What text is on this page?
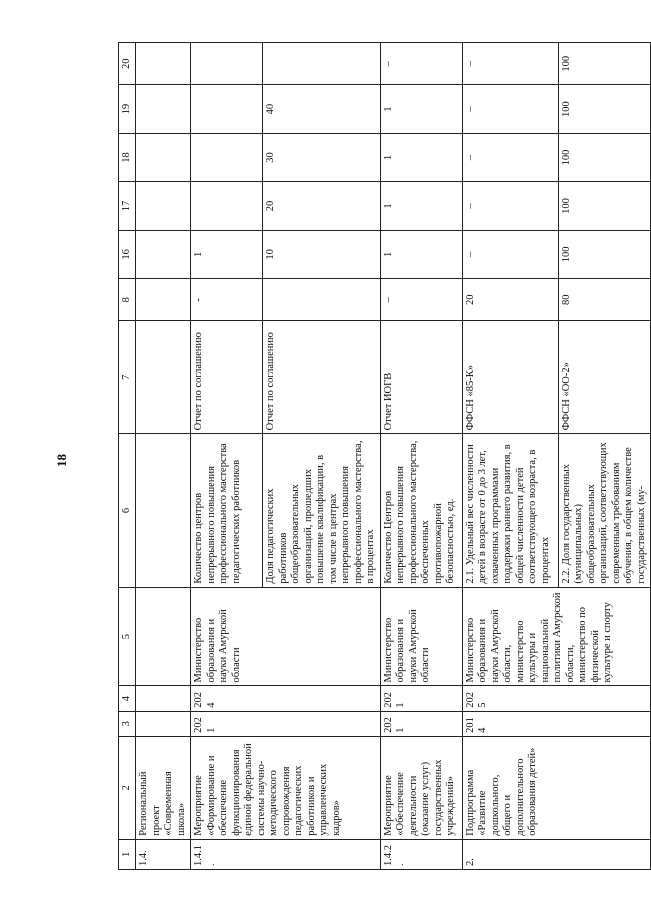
18
1	2	3	4	5	6	7	8	16	17	18	19	20
1.4.	Региональный проект «Современная школа»											
1.4.1.	Мероприятие «Формирование и обеспечение функционирования единой федеральной системы научно-методического сопровождения педагогических работников и управленческих кадров»	2021	2024	Министерство образования и науки Амурской области	Количество центров непрерывного повышения профессионального мастерства педагогических работников	Отчет по соглашению	-	1				
					Доля педагогических работников общеобразовательных организаций, прошедших повышение квалификации, в том числе в центрах непрерывного повышения профессионального мастерства, в процентах	Отчет по соглашению		10	20	30	40	
1.4.2.	Мероприятие «Обеспечение деятельности (оказание услуг) государственных учреждений»	2021	2021	Министерство образования и науки Амурской области	Количество Центров непрерывного повышения профессионального мастерства, обеспеченных противопожарной безопасностью, ед.	Отчет ИОГВ	–	1	1	1	1	–
2.	Подпрограмма «Развитие дошкольного, общего и дополнительного образования детей»	2014	2025	Министерство образования и науки Амурской области, министерство культуры и национальной политики Амурской области, министерство по физической культуре и спорту	2.1. Удельный вес численности детей в возрасте от 0 до 3 лет, охваченных программами поддержки раннего развития, в общей численности детей соответствующего возраста, в процентах	ФФСН «85-К»	20	–	–	–	–	–
					2.2. Доля государственных (муниципальных) общеобразовательных организаций, соответствующих современным требованиям обучения, в общем количестве государственных (му-	ФФСН «ОО-2»	80	100	100	100	100	100
